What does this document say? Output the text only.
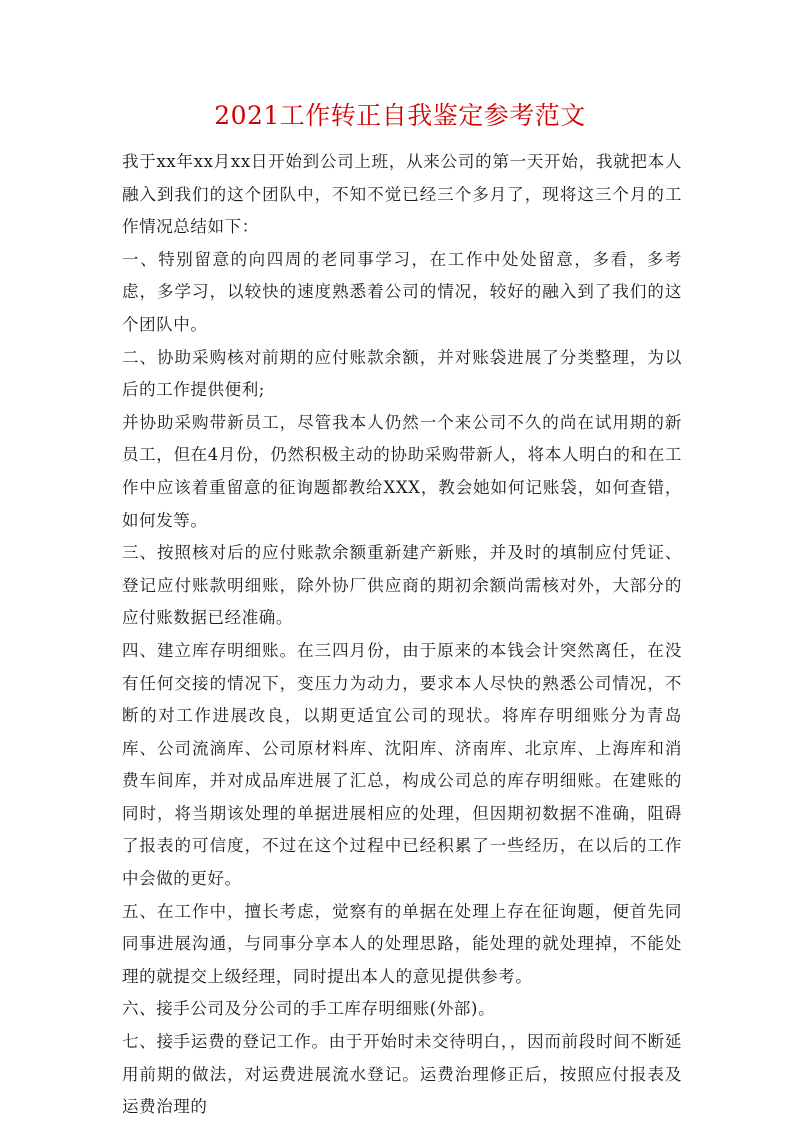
2021工作转正自我鉴定参考范文

我于xx年xx月xx日开始到公司上班，从来公司的第一天开始，我就把本人融入到我们的这个团队中，不知不觉已经三个多月了，现将这三个月的工作情况总结如下：

一、特别留意的向四周的老同事学习，在工作中处处留意，多看，多考虑，多学习，以较快的速度熟悉着公司的情况，较好的融入到了我们的这个团队中。

二、协助采购核对前期的应付账款余额，并对账袋进展了分类整理，为以后的工作提供便利;

并协助采购带新员工，尽管我本人仍然一个来公司不久的尚在试用期的新员工，但在4月份，仍然积极主动的协助采购带新人，将本人明白的和在工作中应该着重留意的征询题都教给XXX，教会她如何记账袋，如何查错，如何发等。

三、按照核对后的应付账款余额重新建产新账，并及时的填制应付凭证、登记应付账款明细账，除外协厂供应商的期初余额尚需核对外，大部分的应付账数据已经准确。

四、建立库存明细账。在三四月份，由于原来的本钱会计突然离任，在没有任何交接的情况下，变压力为动力，要求本人尽快的熟悉公司情况，不断的对工作进展改良，以期更适宜公司的现状。将库存明细账分为青岛库、公司流滴库、公司原材料库、沈阳库、济南库、北京库、上海库和消费车间库，并对成品库进展了汇总，构成公司总的库存明细账。在建账的同时，将当期该处理的单据进展相应的处理，但因期初数据不准确，阻碍了报表的可信度，不过在这个过程中已经积累了一些经历，在以后的工作中会做的更好。

五、在工作中，擅长考虑，觉察有的单据在处理上存在征询题，便首先同同事进展沟通，与同事分享本人的处理思路，能处理的就处理掉，不能处理的就提交上级经理，同时提出本人的意见提供参考。

六、接手公司及分公司的手工库存明细账(外部)。

七、接手运费的登记工作。由于开始时未交待明白，，因而前段时间不断延用前期的做法，对运费进展流水登记。运费治理修正后，按照应付报表及运费治理的
